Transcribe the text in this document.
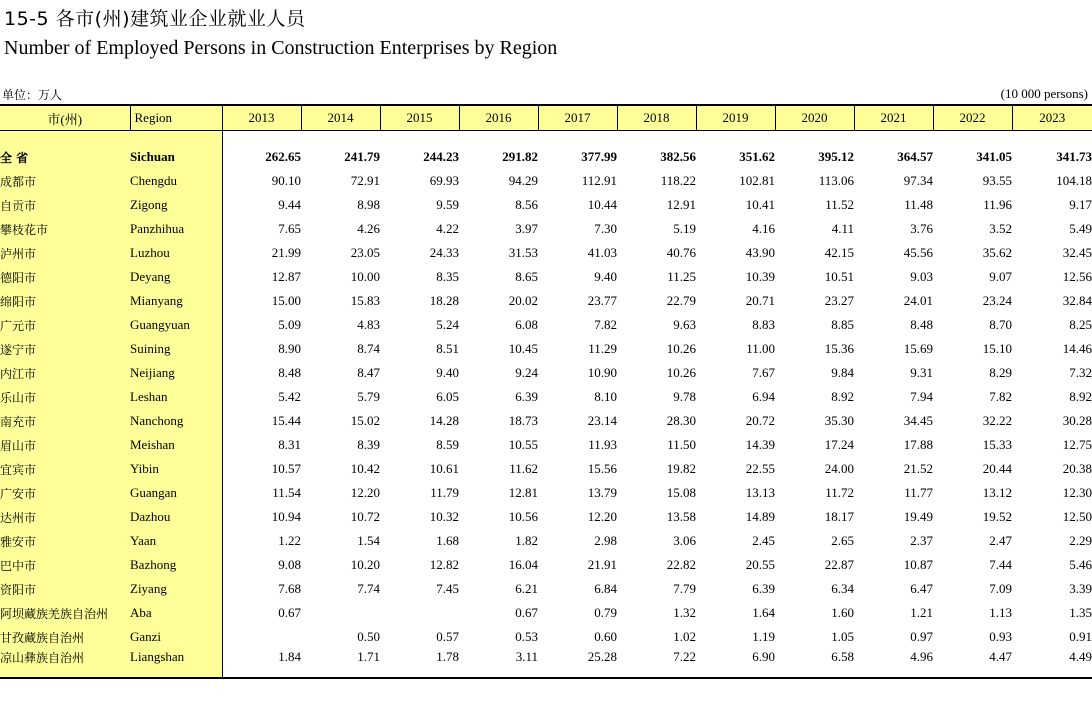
15-5 各市(州)建筑业企业就业人员
Number of Employed Persons in Construction Enterprises by Region
单位：万人	(10 000 persons)
市(州)	Region	2013	2014	2015	2016	2017	2018	2019	2020	2021	2022	2023

全 省	Sichuan	262.65	241.79	244.23	291.82	377.99	382.56	351.62	395.12	364.57	341.05	341.73
成都市	Chengdu	90.10	72.91	69.93	94.29	112.91	118.22	102.81	113.06	97.34	93.55	104.18
自贡市	Zigong	9.44	8.98	9.59	8.56	10.44	12.91	10.41	11.52	11.48	11.96	9.17
攀枝花市	Panzhihua	7.65	4.26	4.22	3.97	7.30	5.19	4.16	4.11	3.76	3.52	5.49
泸州市	Luzhou	21.99	23.05	24.33	31.53	41.03	40.76	43.90	42.15	45.56	35.62	32.45
德阳市	Deyang	12.87	10.00	8.35	8.65	9.40	11.25	10.39	10.51	9.03	9.07	12.56
绵阳市	Mianyang	15.00	15.83	18.28	20.02	23.77	22.79	20.71	23.27	24.01	23.24	32.84
广元市	Guangyuan	5.09	4.83	5.24	6.08	7.82	9.63	8.83	8.85	8.48	8.70	8.25
遂宁市	Suining	8.90	8.74	8.51	10.45	11.29	10.26	11.00	15.36	15.69	15.10	14.46
内江市	Neijiang	8.48	8.47	9.40	9.24	10.90	10.26	7.67	9.84	9.31	8.29	7.32
乐山市	Leshan	5.42	5.79	6.05	6.39	8.10	9.78	6.94	8.92	7.94	7.82	8.92
南充市	Nanchong	15.44	15.02	14.28	18.73	23.14	28.30	20.72	35.30	34.45	32.22	30.28
眉山市	Meishan	8.31	8.39	8.59	10.55	11.93	11.50	14.39	17.24	17.88	15.33	12.75
宜宾市	Yibin	10.57	10.42	10.61	11.62	15.56	19.82	22.55	24.00	21.52	20.44	20.38
广安市	Guangan	11.54	12.20	11.79	12.81	13.79	15.08	13.13	11.72	11.77	13.12	12.30
达州市	Dazhou	10.94	10.72	10.32	10.56	12.20	13.58	14.89	18.17	19.49	19.52	12.50
雅安市	Yaan	1.22	1.54	1.68	1.82	2.98	3.06	2.45	2.65	2.37	2.47	2.29
巴中市	Bazhong	9.08	10.20	12.82	16.04	21.91	22.82	20.55	22.87	10.87	7.44	5.46
资阳市	Ziyang	7.68	7.74	7.45	6.21	6.84	7.79	6.39	6.34	6.47	7.09	3.39
阿坝藏族羌族自治州	Aba	0.67			0.67	0.79	1.32	1.64	1.60	1.21	1.13	1.35
甘孜藏族自治州	Ganzi		0.50	0.57	0.53	0.60	1.02	1.19	1.05	0.97	0.93	0.91
凉山彝族自治州	Liangshan	1.84	1.71	1.78	3.11	25.28	7.22	6.90	6.58	4.96	4.47	4.49
